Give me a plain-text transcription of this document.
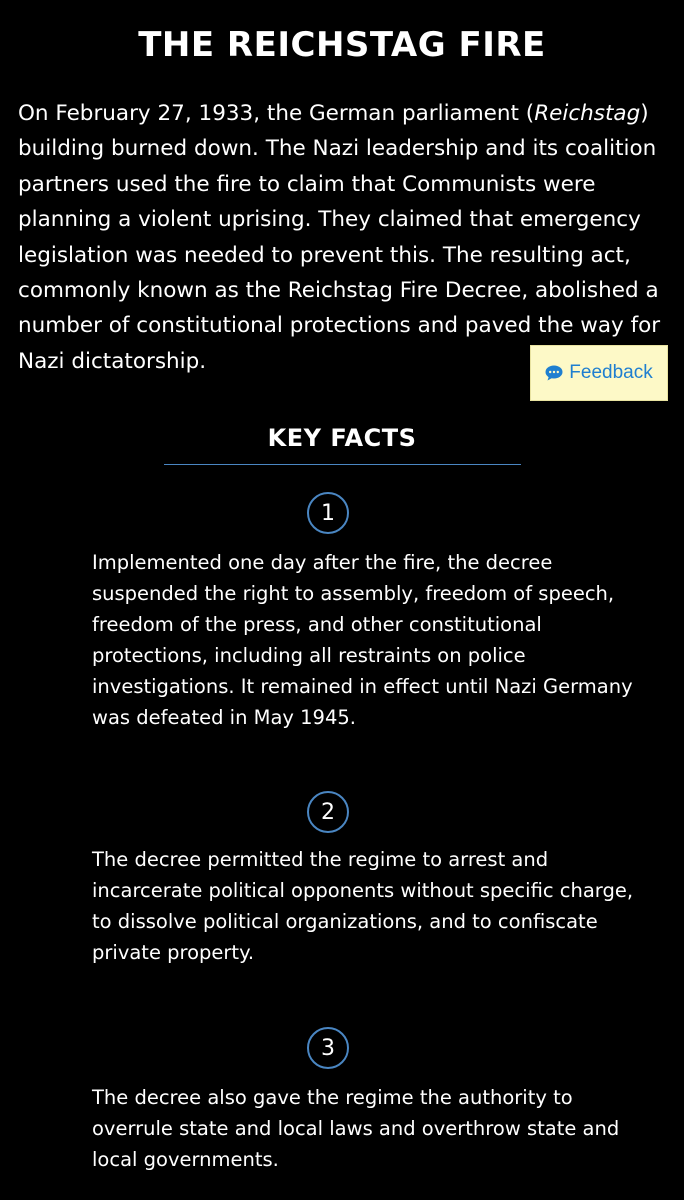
THE REICHSTAG FIRE

On February 27, 1933, the German parliament (Reichstag) building burned down. The Nazi leadership and its coalition partners used the fire to claim that Communists were planning a violent uprising. They claimed that emergency legislation was needed to prevent this. The resulting act, commonly known as the Reichstag Fire Decree, abolished a number of constitutional protections and paved the way for Nazi dictatorship.	Feedback
KEY FACTS
1

Implemented one day after the fire, the decree suspended the right to assembly, freedom of speech, freedom of the press, and other constitutional protections, including all restraints on police investigations. It remained in effect until Nazi Germany was defeated in May 1945.

2

The decree permitted the regime to arrest and incarcerate political opponents without specific charge, to dissolve political organizations, and to confiscate private property.

3

The decree also gave the regime the authority to overrule state and local laws and overthrow state and local governments.
